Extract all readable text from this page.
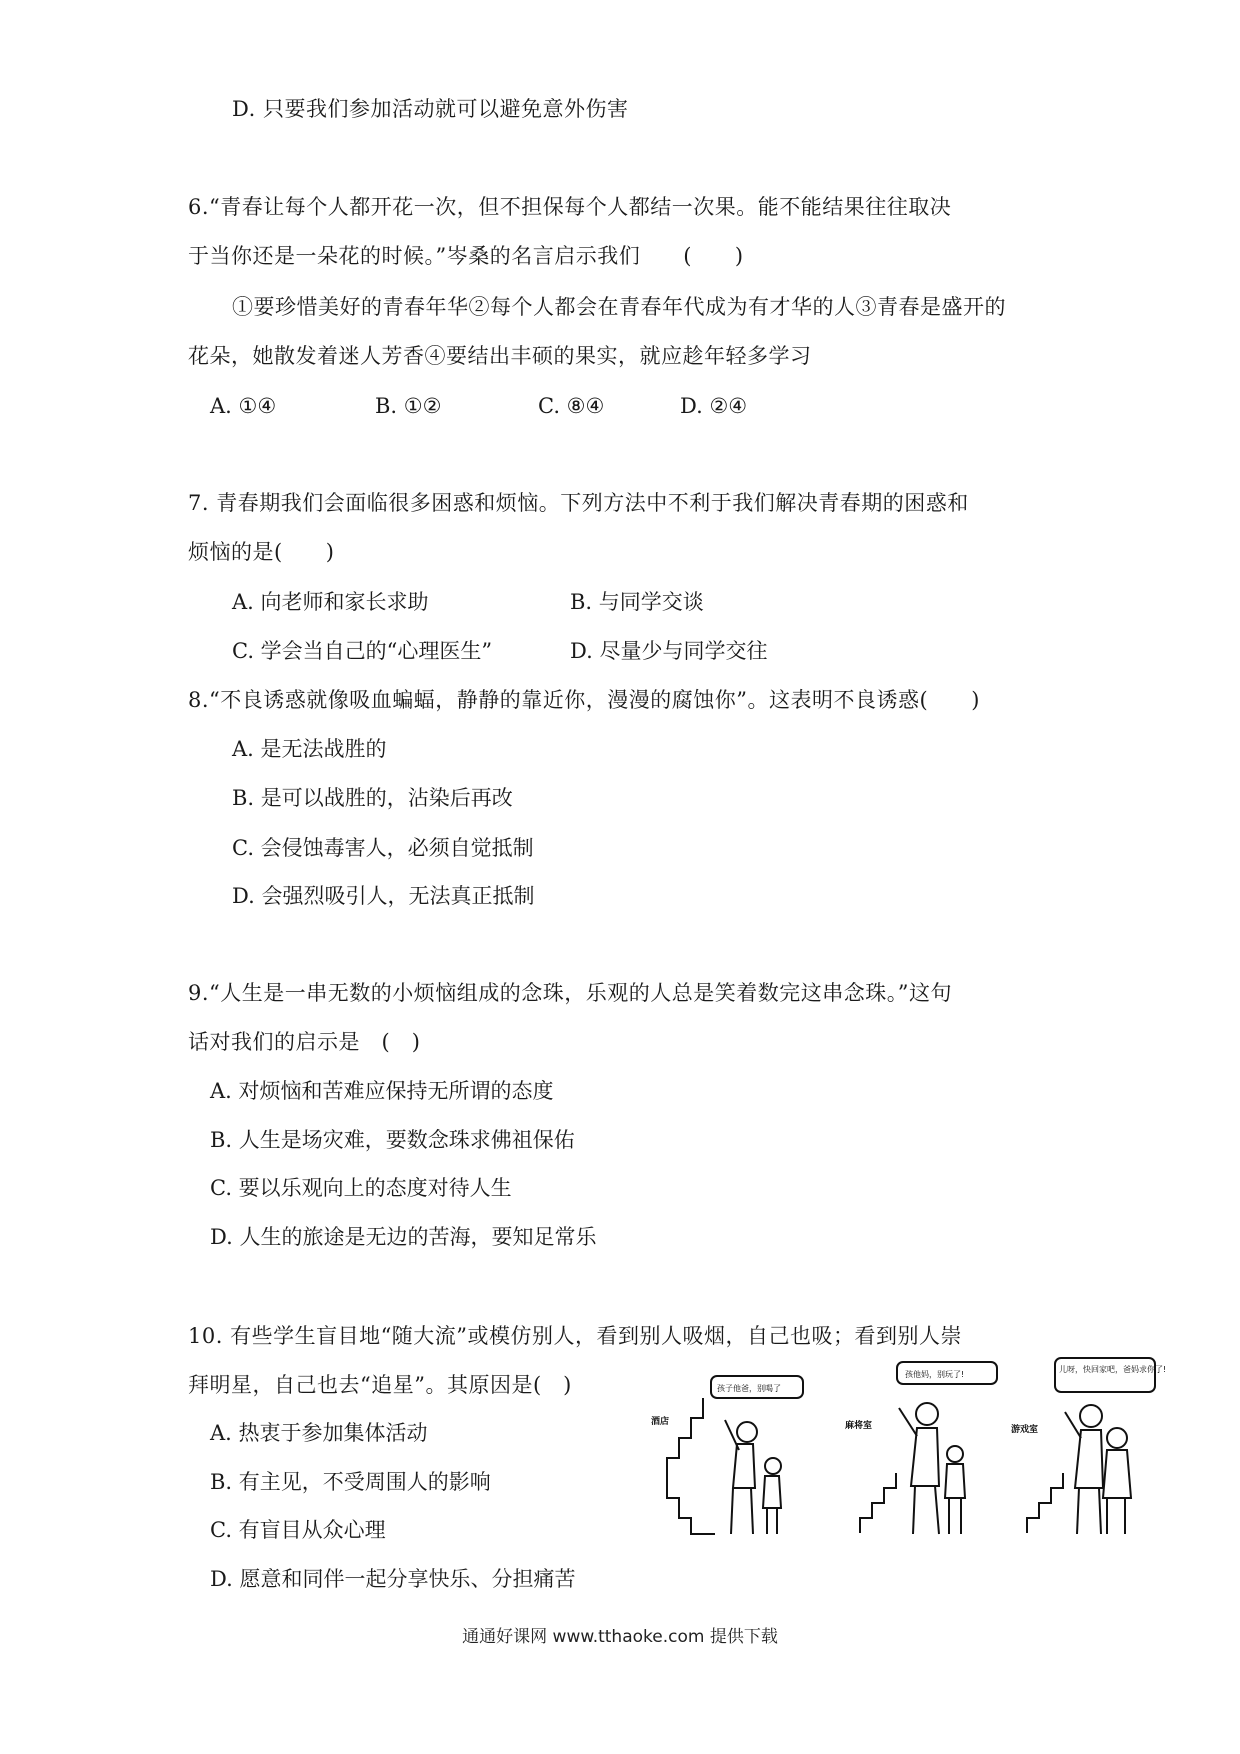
D. 只要我们参加活动就可以避免意外伤害
6.“青春让每个人都开花一次，但不担保每个人都结一次果。能不能结果往往取决
于当你还是一朵花的时候。”岑桑的名言启示我们　　(　　)
①要珍惜美好的青春年华②每个人都会在青春年代成为有才华的人③青春是盛开的
花朵，她散发着迷人芳香④要结出丰硕的果实，就应趁年轻多学习
A. ①④	B. ①②	C. ⑧④	D. ②④
7. 青春期我们会面临很多困惑和烦恼。下列方法中不利于我们解决青春期的困惑和
烦恼的是(　　)
A. 向老师和家长求助	B. 与同学交谈
C. 学会当自己的“心理医生”	D. 尽量少与同学交往
8.“不良诱惑就像吸血蝙蝠，静静的靠近你，漫漫的腐蚀你”。这表明不良诱惑(　　)
A. 是无法战胜的
B. 是可以战胜的，沾染后再改
C. 会侵蚀毒害人，必须自觉抵制
D. 会强烈吸引人，无法真正抵制
9.“人生是一串无数的小烦恼组成的念珠，乐观的人总是笑着数完这串念珠。”这句
话对我们的启示是　(　)
A. 对烦恼和苦难应保持无所谓的态度
B. 人生是场灾难，要数念珠求佛祖保佑
C. 要以乐观向上的态度对待人生
D. 人生的旅途是无边的苦海，要知足常乐
10. 有些学生盲目地“随大流”或模仿别人，看到别人吸烟，自己也吸；看到别人崇
拜明星，自己也去“追星”。其原因是(　)
A. 热衷于参加集体活动
B. 有主见，不受周围人的影响
C. 有盲目从众心理
D. 愿意和同伴一起分享快乐、分担痛苦
孩子他爸，别喝了
孩他妈，别玩了!
儿呀，快回家吧，爸妈求你了!
酒店	麻将室	游戏室
通通好课网 www.tthaoke.com 提供下载
